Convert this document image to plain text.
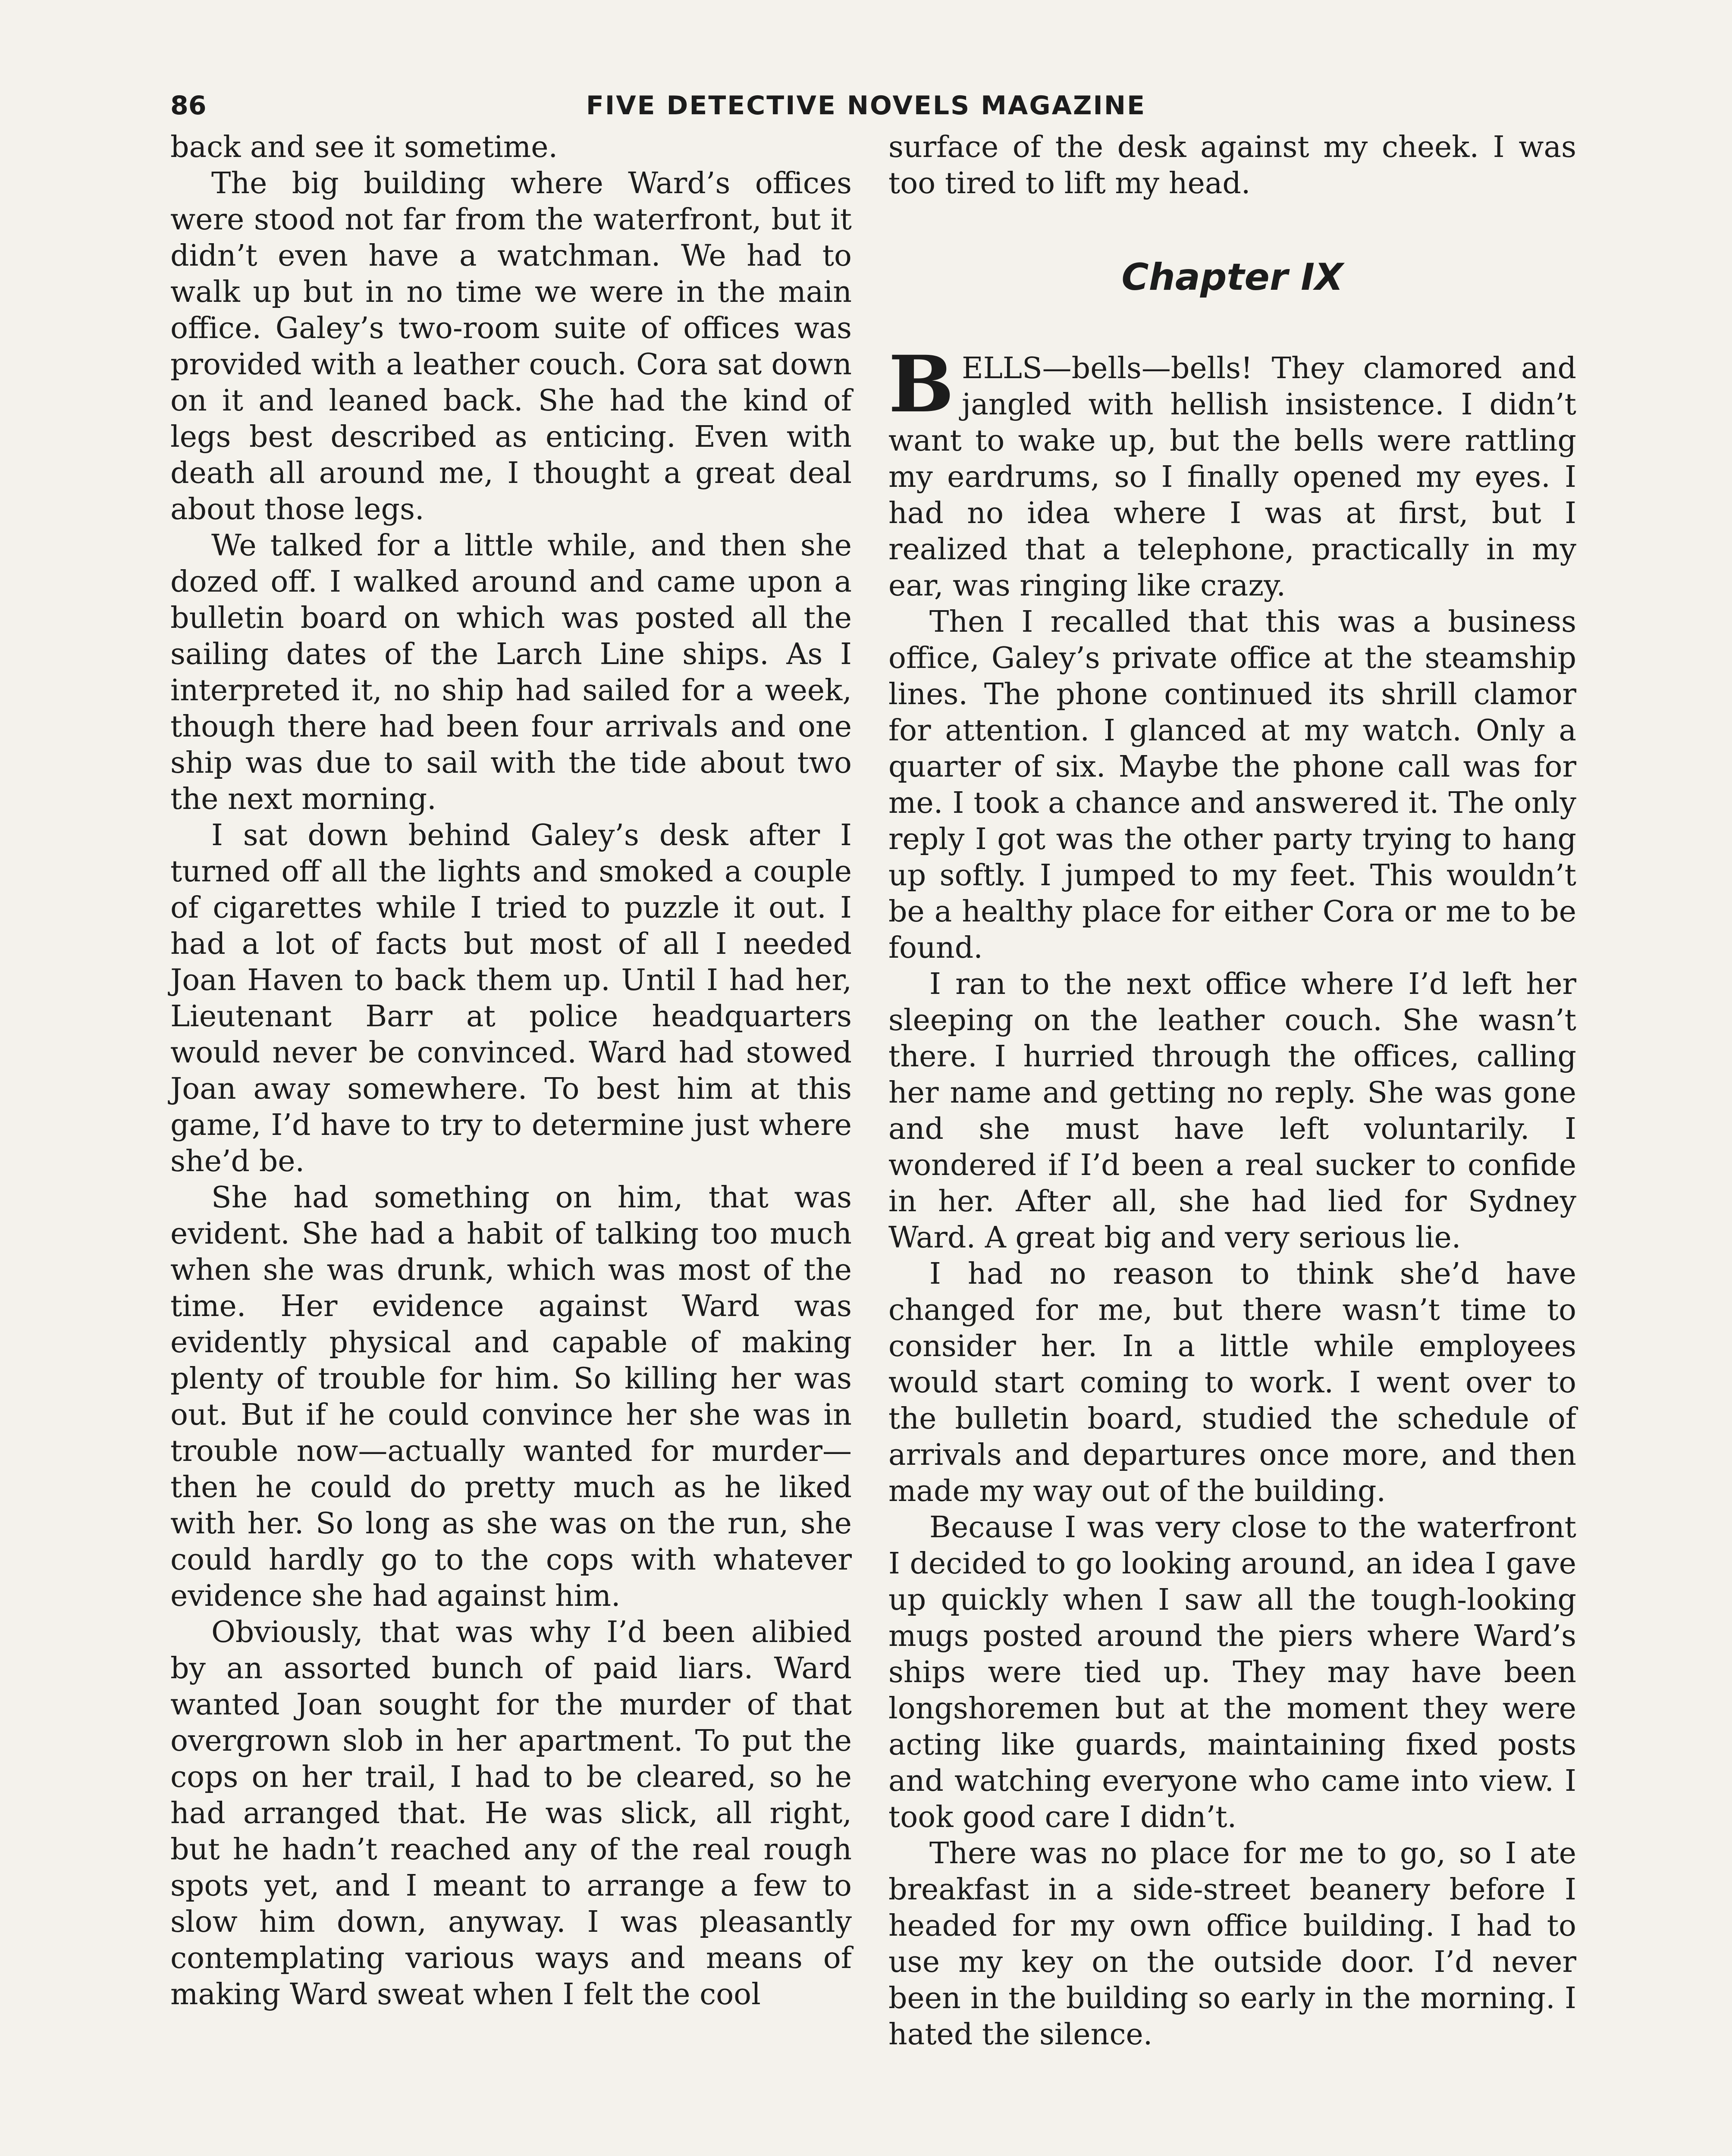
86	FIVE DETECTIVE NOVELS MAGAZINE

back and see it sometime.

The big building where Ward’s offices were stood not far from the waterfront, but it didn’t even have a watchman. We had to walk up but in no time we were in the main office. Galey’s two-room suite of offices was provided with a leather couch. Cora sat down on it and leaned back. She had the kind of legs best described as enticing. Even with death all around me, I thought a great deal about those legs.

We talked for a little while, and then she dozed off. I walked around and came upon a bulletin board on which was posted all the sailing dates of the Larch Line ships. As I interpreted it, no ship had sailed for a week, though there had been four arrivals and one ship was due to sail with the tide about two the next morning.

I sat down behind Galey’s desk after I turned off all the lights and smoked a couple of cigarettes while I tried to puzzle it out. I had a lot of facts but most of all I needed Joan Haven to back them up. Until I had her, Lieutenant Barr at police headquarters would never be convinced. Ward had stowed Joan away somewhere. To best him at this game, I’d have to try to determine just where she’d be.

She had something on him, that was evident. She had a habit of talking too much when she was drunk, which was most of the time. Her evidence against Ward was evidently physical and capable of making plenty of trouble for him. So killing her was out. But if he could convince her she was in trouble now—actually wanted for murder—then he could do pretty much as he liked with her. So long as she was on the run, she could hardly go to the cops with whatever evidence she had against him.

Obviously, that was why I’d been alibied by an assorted bunch of paid liars. Ward wanted Joan sought for the murder of that overgrown slob in her apartment. To put the cops on her trail, I had to be cleared, so he had arranged that. He was slick, all right, but he hadn’t reached any of the real rough spots yet, and I meant to arrange a few to slow him down, anyway. I was pleasantly contemplating various ways and means of making Ward sweat when I felt the cool

surface of the desk against my cheek. I was too tired to lift my head.

Chapter IX

BELLS—bells—bells! They clamored and jangled with hellish insistence. I didn’t want to wake up, but the bells were rattling my eardrums, so I finally opened my eyes. I had no idea where I was at first, but I realized that a telephone, practically in my ear, was ringing like crazy.

Then I recalled that this was a business office, Galey’s private office at the steamship lines. The phone continued its shrill clamor for attention. I glanced at my watch. Only a quarter of six. Maybe the phone call was for me. I took a chance and answered it. The only reply I got was the other party trying to hang up softly. I jumped to my feet. This wouldn’t be a healthy place for either Cora or me to be found.

I ran to the next office where I’d left her sleeping on the leather couch. She wasn’t there. I hurried through the offices, calling her name and getting no reply. She was gone and she must have left voluntarily. I wondered if I’d been a real sucker to confide in her. After all, she had lied for Sydney Ward. A great big and very serious lie.

I had no reason to think she’d have changed for me, but there wasn’t time to consider her. In a little while employees would start coming to work. I went over to the bulletin board, studied the schedule of arrivals and departures once more, and then made my way out of the building.

Because I was very close to the waterfront I decided to go looking around, an idea I gave up quickly when I saw all the tough-looking mugs posted around the piers where Ward’s ships were tied up. They may have been longshoremen but at the moment they were acting like guards, maintaining fixed posts and watching everyone who came into view. I took good care I didn’t.

There was no place for me to go, so I ate breakfast in a side-street beanery before I headed for my own office building. I had to use my key on the outside door. I’d never been in the building so early in the morning. I hated the silence.
